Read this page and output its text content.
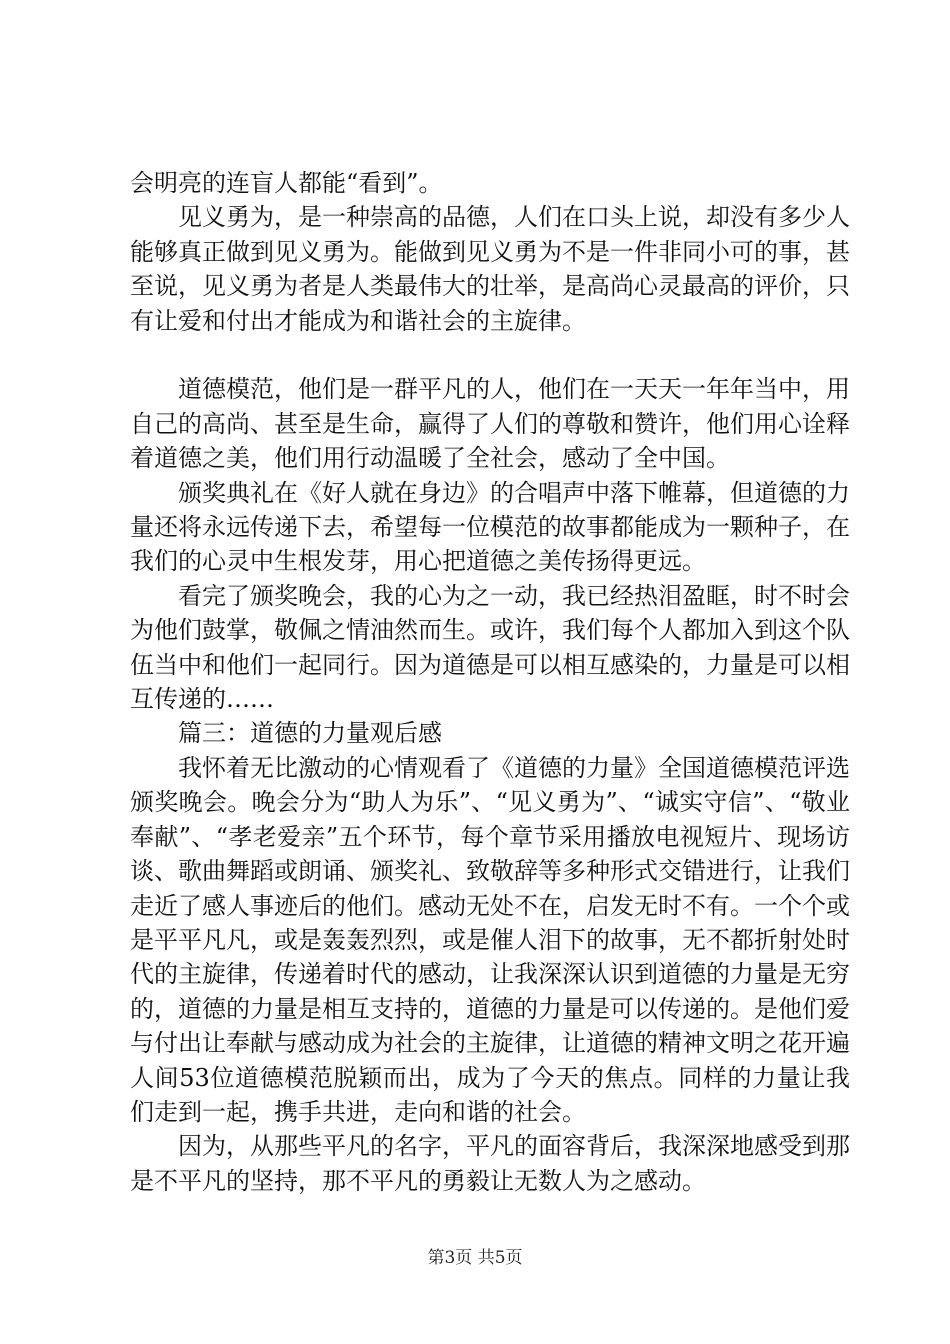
会明亮的连盲人都能“看到”。

见义勇为，是一种崇高的品德，人们在口头上说，却没有多少人能够真正做到见义勇为。能做到见义勇为不是一件非同小可的事，甚至说，见义勇为者是人类最伟大的壮举，是高尚心灵最高的评价，只有让爱和付出才能成为和谐社会的主旋律。

道德模范，他们是一群平凡的人，他们在一天天一年年当中，用自己的高尚、甚至是生命，赢得了人们的尊敬和赞许，他们用心诠释着道德之美，他们用行动温暖了全社会，感动了全中国。

颁奖典礼在《好人就在身边》的合唱声中落下帷幕，但道德的力量还将永远传递下去，希望每一位模范的故事都能成为一颗种子，在我们的心灵中生根发芽，用心把道德之美传扬得更远。

看完了颁奖晚会，我的心为之一动，我已经热泪盈眶，时不时会为他们鼓掌，敬佩之情油然而生。或许，我们每个人都加入到这个队伍当中和他们一起同行。因为道德是可以相互感染的，力量是可以相互传递的……

篇三：道德的力量观后感

我怀着无比激动的心情观看了《道德的力量》全国道德模范评选颁奖晚会。晚会分为“助人为乐”、“见义勇为”、“诚实守信”、“敬业奉献”、“孝老爱亲”五个环节，每个章节采用播放电视短片、现场访谈、歌曲舞蹈或朗诵、颁奖礼、致敬辞等多种形式交错进行，让我们走近了感人事迹后的他们。感动无处不在，启发无时不有。一个个或是平平凡凡，或是轰轰烈烈，或是催人泪下的故事，无不都折射处时代的主旋律，传递着时代的感动，让我深深认识到道德的力量是无穷的，道德的力量是相互支持的，道德的力量是可以传递的。是他们爱与付出让奉献与感动成为社会的主旋律，让道德的精神文明之花开遍人间53位道德模范脱颖而出，成为了今天的焦点。同样的力量让我们走到一起，携手共进，走向和谐的社会。

因为，从那些平凡的名字，平凡的面容背后，我深深地感受到那是不平凡的坚持，那不平凡的勇毅让无数人为之感动。

第3页 共5页
